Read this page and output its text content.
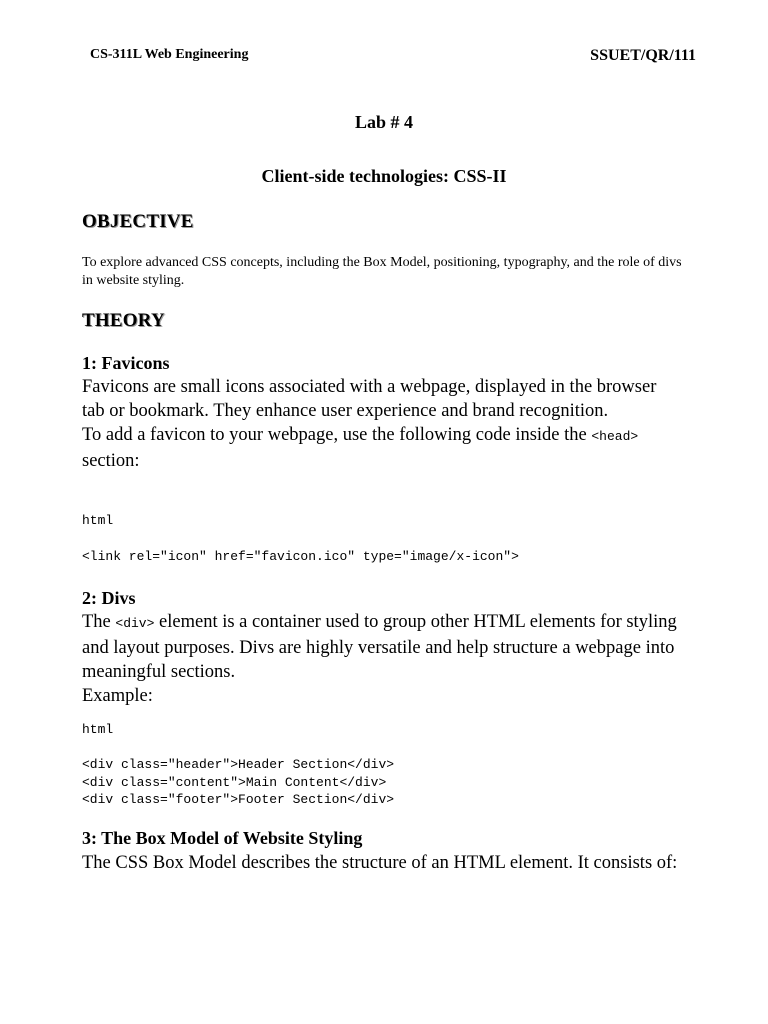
CS-311L Web Engineering	SSUET/QR/111
Lab # 4
Client-side technologies: CSS-II
OBJECTIVE
To explore advanced CSS concepts, including the Box Model, positioning, typography, and the role of divs in website styling.
THEORY
1: Favicons

Favicons are small icons associated with a webpage, displayed in the browser tab or bookmark. They enhance user experience and brand recognition.

To add a favicon to your webpage, use the following code inside the <head> section:

html
<link rel="icon" href="favicon.ico" type="image/x-icon">
2: Divs

The <div> element is a container used to group other HTML elements for styling and layout purposes. Divs are highly versatile and help structure a webpage into meaningful sections.

Example:

html
<div class="header">Header Section</div>
<div class="content">Main Content</div>
<div class="footer">Footer Section</div>
3: The Box Model of Website Styling

The CSS Box Model describes the structure of an HTML element. It consists of:
